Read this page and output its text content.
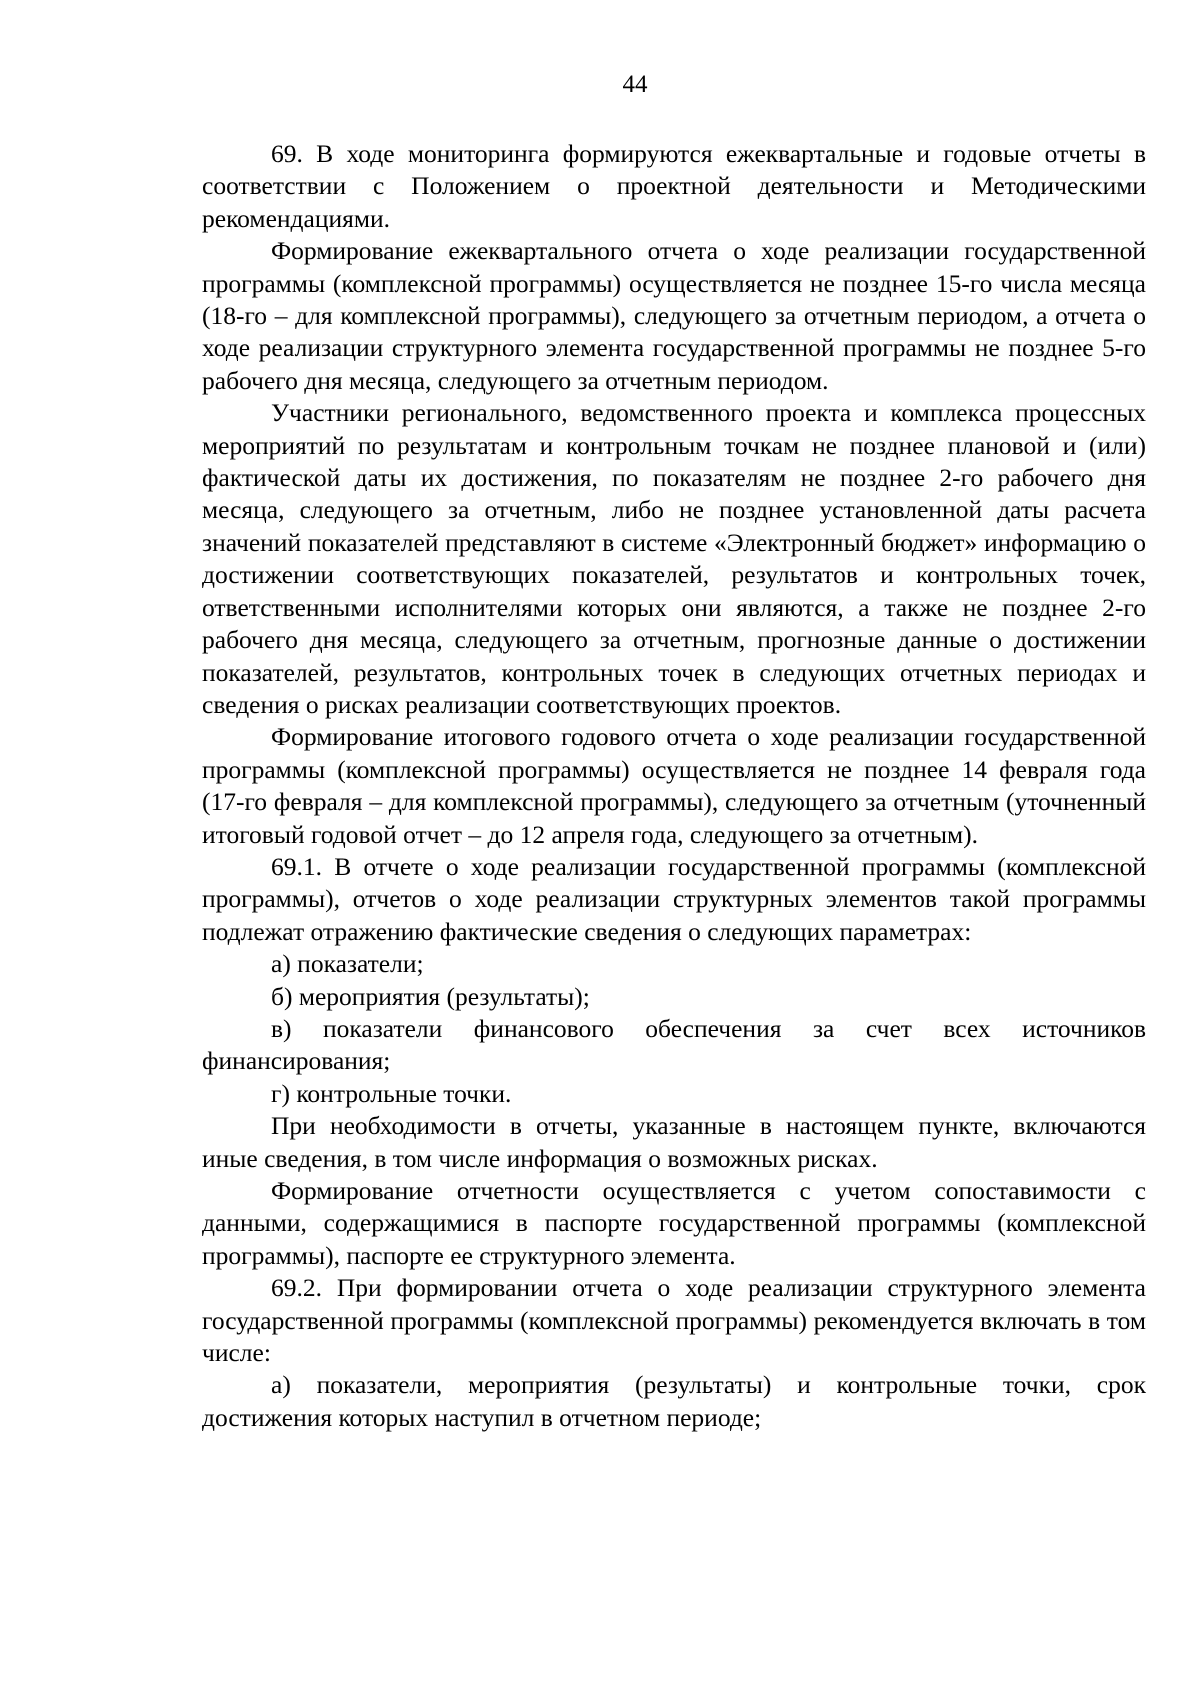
44

69. В ходе мониторинга формируются ежеквартальные и годовые отчеты в соответствии с Положением о проектной деятельности и Методическими рекомендациями.

Формирование ежеквартального отчета о ходе реализации государственной программы (комплексной программы) осуществляется не позднее 15-го числа месяца (18-го – для комплексной программы), следующего за отчетным периодом, а отчета о ходе реализации структурного элемента государственной программы не позднее 5-го рабочего дня месяца, следующего за отчетным периодом.

Участники регионального, ведомственного проекта и комплекса процессных мероприятий по результатам и контрольным точкам не позднее плановой и (или) фактической даты их достижения, по показателям не позднее 2-го рабочего дня месяца, следующего за отчетным, либо не позднее установленной даты расчета значений показателей представляют в системе «Электронный бюджет» информацию о достижении соответствующих показателей, результатов и контрольных точек, ответственными исполнителями которых они являются, а также не позднее 2-го рабочего дня месяца, следующего за отчетным, прогнозные данные о достижении показателей, результатов, контрольных точек в следующих отчетных периодах и сведения о рисках реализации соответствующих проектов.

Формирование итогового годового отчета о ходе реализации государственной программы (комплексной программы) осуществляется не позднее 14 февраля года (17-го февраля – для комплексной программы), следующего за отчетным (уточненный итоговый годовой отчет – до 12 апреля года, следующего за отчетным).

69.1. В отчете о ходе реализации государственной программы (комплексной программы), отчетов о ходе реализации структурных элементов такой программы подлежат отражению фактические сведения о следующих параметрах:

а) показатели;

б) мероприятия (результаты);

в) показатели финансового обеспечения за счет всех источников финансирования;

г) контрольные точки.

При необходимости в отчеты, указанные в настоящем пункте, включаются иные сведения, в том числе информация о возможных рисках.

Формирование отчетности осуществляется с учетом сопоставимости с данными, содержащимися в паспорте государственной программы (комплексной программы), паспорте ее структурного элемента.

69.2. При формировании отчета о ходе реализации структурного элемента государственной программы (комплексной программы) рекомендуется включать в том числе:

а) показатели, мероприятия (результаты) и контрольные точки, срок достижения которых наступил в отчетном периоде;
